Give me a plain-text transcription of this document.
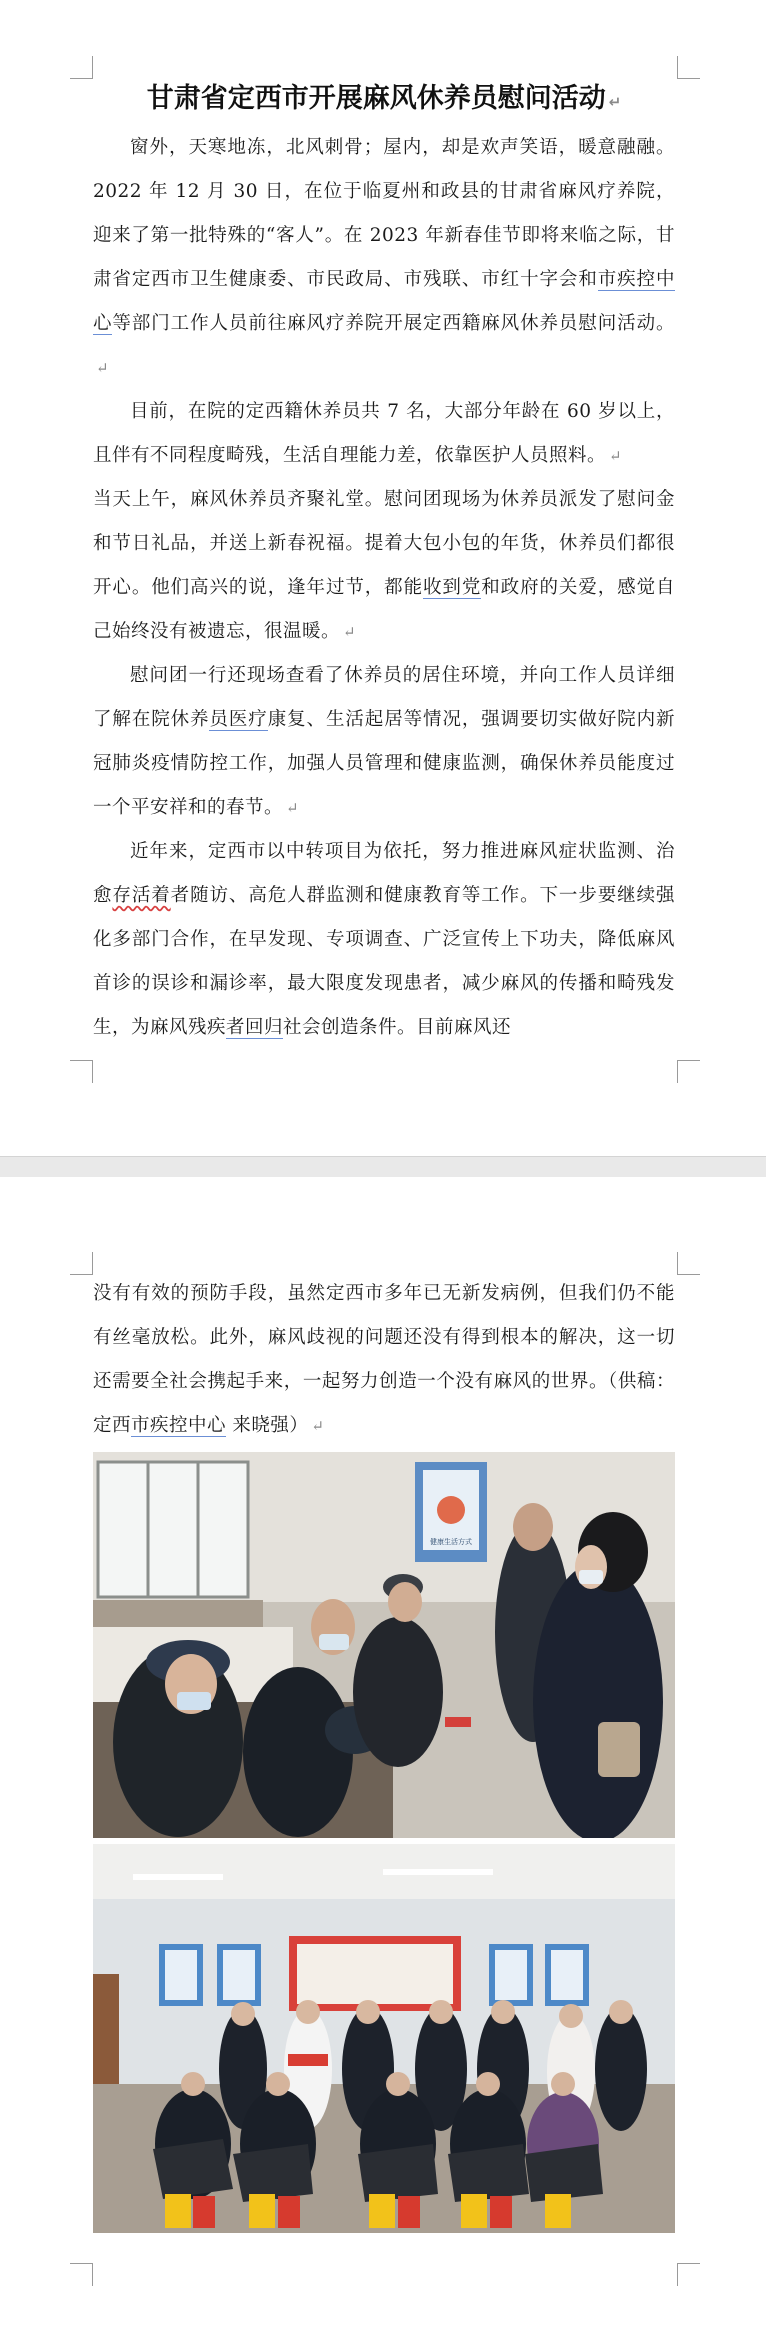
甘肃省定西市开展麻风休养员慰问活动 ↵

窗外，天寒地冻，北风刺骨；屋内，却是欢声笑语，暖意融融。2022 年 12 月 30 日，在位于临夏州和政县的甘肃省麻风疗养院，迎来了第一批特殊的“客人”。在 2023 年新春佳节即将来临之际，甘肃省定西市卫生健康委、市民政局、市残联、市红十字会和市疾控中心等部门工作人员前往麻风疗养院开展定西籍麻风休养员慰问活动。↵

目前，在院的定西籍休养员共 7 名，大部分年龄在 60 岁以上，且伴有不同程度畸残，生活自理能力差，依靠医护人员照料。 ↵

当天上午，麻风休养员齐聚礼堂。慰问团现场为休养员派发了慰问金和节日礼品，并送上新春祝福。提着大包小包的年货，休养员们都很开心。他们高兴的说，逢年过节，都能收到党和政府的关爱，感觉自己始终没有被遗忘，很温暖。 ↵

慰问团一行还现场查看了休养员的居住环境，并向工作人员详细了解在院休养员医疗康复、生活起居等情况，强调要切实做好院内新冠肺炎疫情防控工作，加强人员管理和健康监测，确保休养员能度过一个平安祥和的春节。 ↵

近年来，定西市以中转项目为依托，努力推进麻风症状监测、治愈存活着者随访、高危人群监测和健康教育等工作。下一步要继续强化多部门合作，在早发现、专项调查、广泛宣传上下功夫，降低麻风首诊的误诊和漏诊率，最大限度发现患者，减少麻风的传播和畸残发生，为麻风残疾者回归社会创造条件。目前麻风还

没有有效的预防手段，虽然定西市多年已无新发病例，但我们仍不能有丝毫放松。此外，麻风歧视的问题还没有得到根本的解决，这一切还需要全社会携起手来，一起努力创造一个没有麻风的世界。（供稿：定西市疾控中心 来晓强） ↵

健康生活方式
